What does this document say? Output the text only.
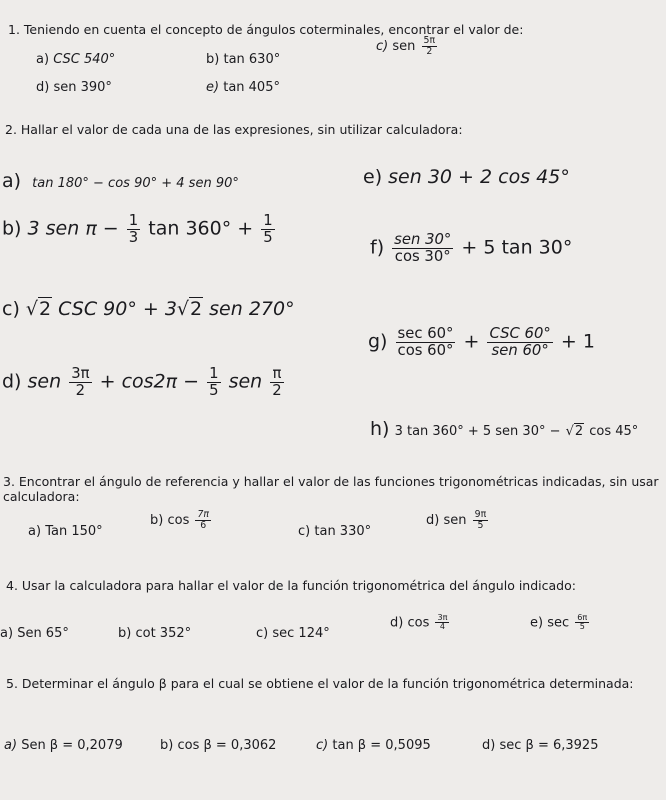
1. Teniendo en cuenta el concepto de ángulos coterminales, encontrar el valor de:
a) CSC 540°	b) tan 630°
c) sen $\frac{5\pi}{2}$
d) sen 390°	e) tan 405°
2. Hallar el valor de cada una de las expresiones, sin utilizar calculadora:
a) tan 180° − cos 90° + 4 sen 90°	e) sen 30 + 2 cos 45°
b) 3 sen $\pi - \frac{1}{3}$ $\tan 360^\circ + \frac{1}{5}$
$f) \frac{\text{sen 30°}}{\cos 30^\circ} + 5$ tan 30°
c) √2 CSC 90° + 3√2 sen 270°
$g) \frac{\sec 60^\circ}{\cos 60^\circ} + \frac{\text{CSC 60°}}{\text{sen 60°}} + 1$
d) sen $\frac{3\pi}{2} + \cos 2\pi - \frac{1}{5}$ sen $\frac{\pi}{2}$
h) 3 tan 360° + 5 sen 30° − √2 cos 45°
3. Encontrar el ángulo de referencia y hallar el valor de las funciones trigonométricas indicadas, sin usar calculadora:
a) Tan 150°
b) $\cos \frac{7\pi}{6}$
c) tan 330°
d) sen $\frac{9\pi}{5}$
4. Usar la calculadora para hallar el valor de la función trigonométrica del ángulo indicado:
a) Sen 65°	b) cot 352°	c) sec 124°
d) $\cos \frac{3\pi}{4}$	e) $\sec \frac{6\pi}{5}$
5. Determinar el ángulo β para el cual se obtiene el valor de la función trigonométrica determinada:
a) Sen β = 0,2079	b) cos β = 0,3062	c) tan β = 0,5095	d) sec β = 6,3925
